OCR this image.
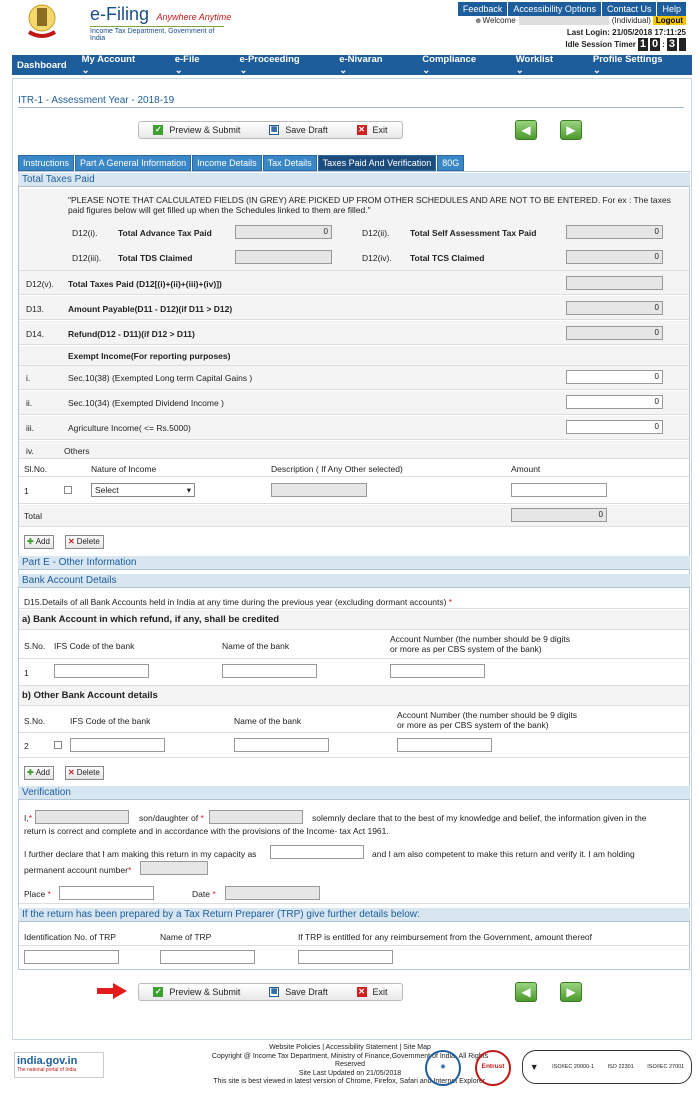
e-Filing Anywhere Anytime
Income Tax Department, Government of India
Feedback	Accessibility Options	Contact Us	Help
☻ Welcome	(Individual) Logout
Last Login: 21/05/2018 17:11:25
Idle Session Timer 1 0 : 3

Dashboard	My Account ⌄
e-File ⌄
e-Proceeding ⌄
e-Nivaran ⌄
Compliance ⌄
Worklist ⌄
Profile Settings ⌄
ITR-1 - Assessment Year - 2018-19
✓ Preview & Submit	▦ Save Draft	✕ Exit	◀	▶
Instructions	Part A General Information	Income Details	Tax Details	Taxes Paid And Verification	80G
Total Taxes Paid
"PLEASE NOTE THAT CALCULATED FIELDS (IN GREY) ARE PICKED UP FROM OTHER SCHEDULES AND ARE NOT TO BE ENTERED. For ex : The taxes paid figures below will get filled up when the Schedules linked to them are filled."
D12(i). Total Advance Tax Paid	0	D12(ii). Total Self Assessment Tax Paid	0
D12(iii). Total TDS Claimed	D12(iv). Total TCS Claimed	0
D12(v). Total Taxes Paid (D12[(i)+(ii)+(iii)+(iv)])
D13.	Amount Payable(D11 - D12)(if D11 > D12)	0
D14.	Refund(D12 - D11)(if D12 > D11)	0
Exempt Income(For reporting purposes)
i.	Sec.10(38) (Exempted Long term Capital Gains )	0
ii.	Sec.10(34) (Exempted Dividend Income )	0
iii.	Agriculture Income( <= Rs.5000)	0
iv.	Others
Sl.No.	Nature of Income	Description ( If Any Other selected)	Amount
1	Select	▾
Total	0
✚ Add	✕ Delete
Part E - Other Information
Bank Account Details
D15.Details of all Bank Accounts held in India at any time during the previous year (excluding dormant accounts) *
a) Bank Account in which refund, if any, shall be credited
S.No. IFS Code of the bank	Name of the bank
Account Number (the number should be 9 digits
or more as per CBS system of the bank)
1
b) Other Bank Account details
S.No.	IFS Code of the bank	Name of the bank
Account Number (the number should be 9 digits
or more as per CBS system of the bank)
2
✚ Add	✕ Delete
Verification
I,*	son/daughter of *	solemnly declare that to the best of my knowledge and belief, the information given in the
return is correct and complete and in accordance with the provisions of the Income- tax Act 1961.
I further declare that I am making this return in my capacity as	and I am also competent to make this return and verify it. I am holding
permanent account number*
Place *	Date *
If the return has been prepared by a Tax Return Preparer (TRP) give further details below:
Identification No. of TRP	Name of TRP	If TRP is entitled for any reimbursement from the Government, amount thereof
✓ Preview & Submit	▦ Save Draft	✕ Exit	◀	▶
Website Policies | Accessibility Statement | Site Map
Copyright @ Income Tax Department, Ministry of Finance,Government of India. All Rights
Reserved
Site Last Updated on 21/05/2018
This site is best viewed in latest version of Chrome, Firefox, Safari and Internet Explorer.
india.gov.in
The national portal of India	◉	Entrust	▼ ISO/IEC 20000-1 ISO 22301 ISO/IEC 27001
